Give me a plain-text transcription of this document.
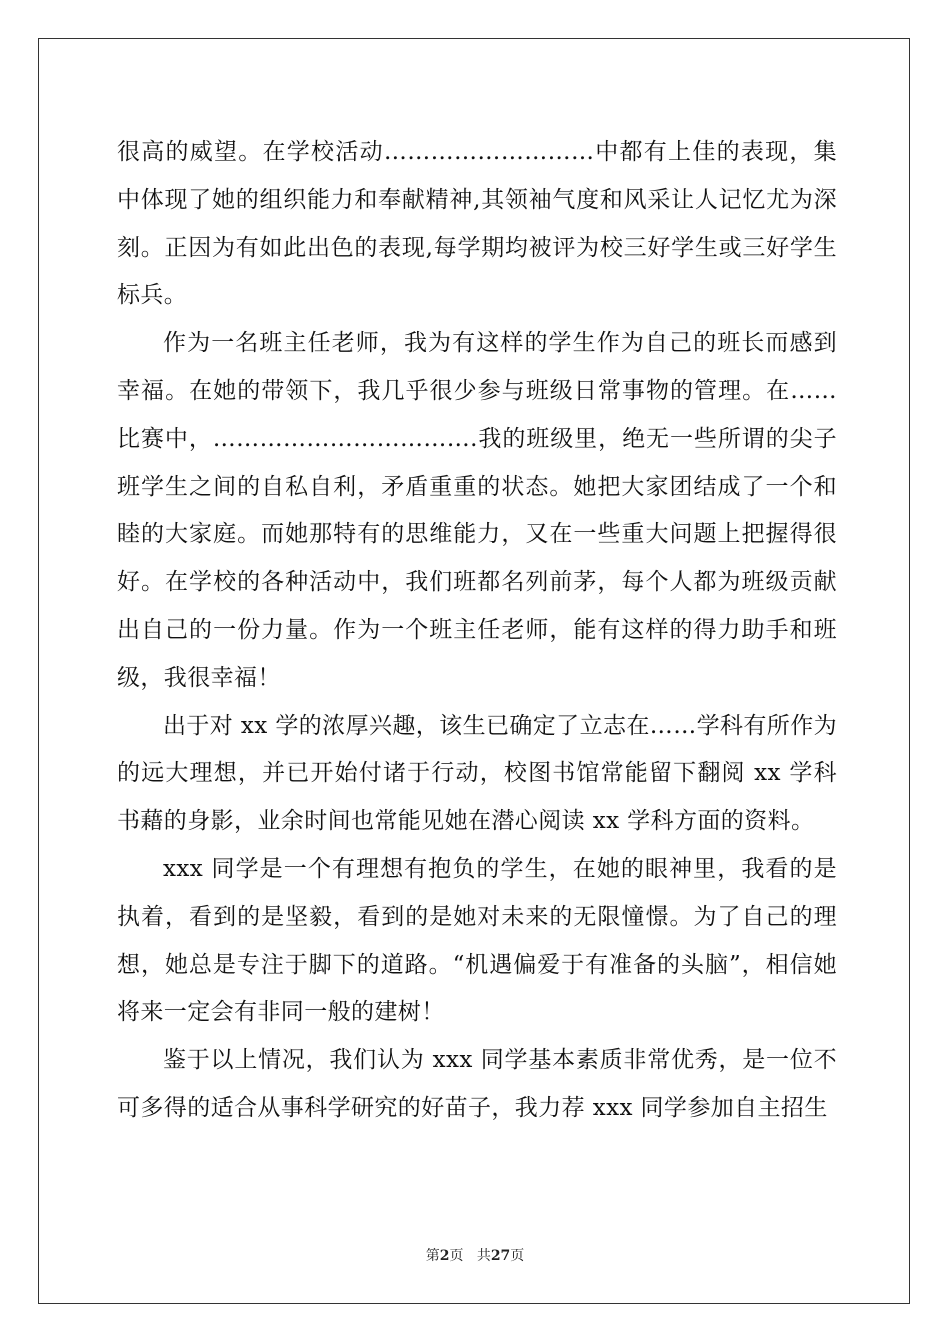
很高的威望。在学校活动………………………中都有上佳的表现，集中体现了她的组织能力和奉献精神,其领袖气度和风采让人记忆尤为深刻。正因为有如此出色的表现,每学期均被评为校三好学生或三好学生标兵。

作为一名班主任老师，我为有这样的学生作为自己的班长而感到幸福。在她的带领下，我几乎很少参与班级日常事物的管理。在……比赛中，…………………………….我的班级里，绝无一些所谓的尖子班学生之间的自私自利，矛盾重重的状态。她把大家团结成了一个和睦的大家庭。而她那特有的思维能力，又在一些重大问题上把握得很好。在学校的各种活动中，我们班都名列前茅，每个人都为班级贡献出自己的一份力量。作为一个班主任老师，能有这样的得力助手和班级，我很幸福！

出于对 xx 学的浓厚兴趣，该生已确定了立志在……学科有所作为的远大理想，并已开始付诸于行动，校图书馆常能留下翻阅 xx 学科书藉的身影，业余时间也常能见她在潜心阅读 xx 学科方面的资料。

xxx 同学是一个有理想有抱负的学生，在她的眼神里，我看的是执着，看到的是坚毅，看到的是她对未来的无限憧憬。为了自己的理想，她总是专注于脚下的道路。“机遇偏爱于有准备的头脑”，相信她将来一定会有非同一般的建树！

鉴于以上情况，我们认为 xxx 同学基本素质非常优秀，是一位不可多得的适合从事科学研究的好苗子，我力荐 xxx 同学参加自主招生

第2页 共27页
